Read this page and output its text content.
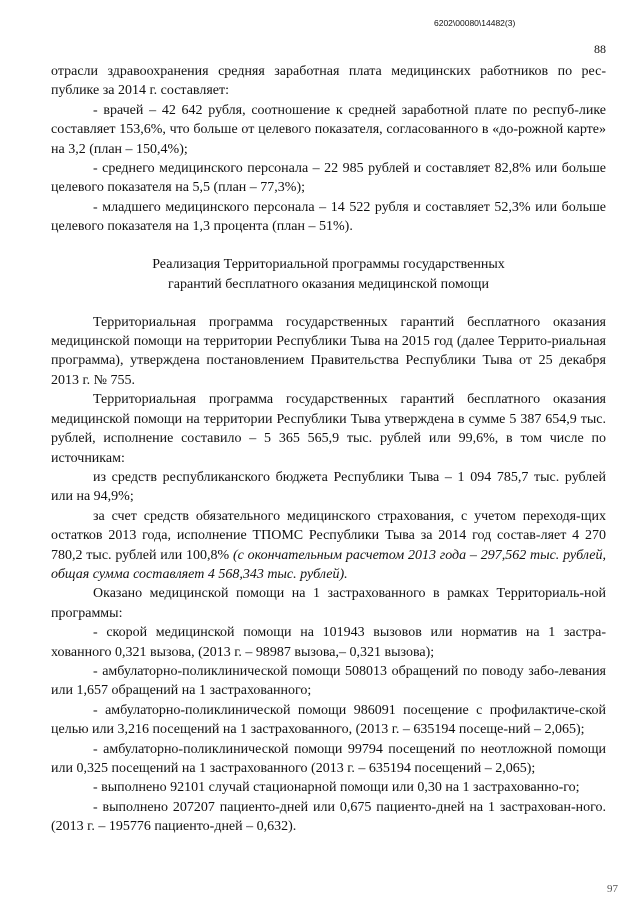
6202\00080\14482(3)
88

отрасли здравоохранения средняя заработная плата медицинских работников по рес-публике за 2014 г. составляет:

- врачей – 42 642 рубля, соотношение к средней заработной плате по респуб-лике составляет 153,6%, что больше от целевого показателя, согласованного в «до-рожной карте» на 3,2 (план – 150,4%);

- среднего медицинского персонала – 22 985 рублей и составляет 82,8% или больше целевого показателя на 5,5 (план – 77,3%);

- младшего медицинского персонала – 14 522 рубля и составляет 52,3% или больше целевого показателя на 1,3 процента (план – 51%).

Реализация Территориальной программы государственных
гарантий бесплатного оказания медицинской помощи

Территориальная программа государственных гарантий бесплатного оказания медицинской помощи на территории Республики Тыва на 2015 год (далее Террито-риальная программа), утверждена постановлением Правительства Республики Тыва от 25 декабря 2013 г. № 755.

Территориальная программа государственных гарантий бесплатного оказания медицинской помощи на территории Республики Тыва утверждена в сумме 5 387 654,9 тыс. рублей, исполнение составило – 5 365 565,9 тыс. рублей или 99,6%, в том числе по источникам:

из средств республиканского бюджета Республики Тыва – 1 094 785,7 тыс. рублей или на 94,9%;

за счет средств обязательного медицинского страхования, с учетом переходя-щих остатков 2013 года, исполнение ТПОМС Республики Тыва за 2014 год состав-ляет 4 270 780,2 тыс. рублей или 100,8% (с окончательным расчетом 2013 года – 297,562 тыс. рублей, общая сумма составляет 4 568,343 тыс. рублей).

Оказано медицинской помощи на 1 застрахованного в рамках Территориаль-ной программы:

- скорой медицинской помощи на 101943 вызовов или норматив на 1 застра-хованного 0,321 вызова, (2013 г. – 98987 вызова,– 0,321 вызова);

- амбулаторно-поликлинической помощи 508013 обращений по поводу забо-левания или 1,657 обращений на 1 застрахованного;

- амбулаторно-поликлинической помощи 986091 посещение с профилактиче-ской целью или 3,216 посещений на 1 застрахованного, (2013 г. – 635194 посеще-ний – 2,065);

- амбулаторно-поликлинической помощи 99794 посещений по неотложной помощи или 0,325 посещений на 1 застрахованного (2013 г. – 635194 посещений – 2,065);

- выполнено 92101 случай стационарной помощи или 0,30 на 1 застрахованно-го;

- выполнено 207207 пациенто-дней или 0,675 пациенто-дней на 1 застрахован-ного. (2013 г. – 195776 пациенто-дней – 0,632).

97
